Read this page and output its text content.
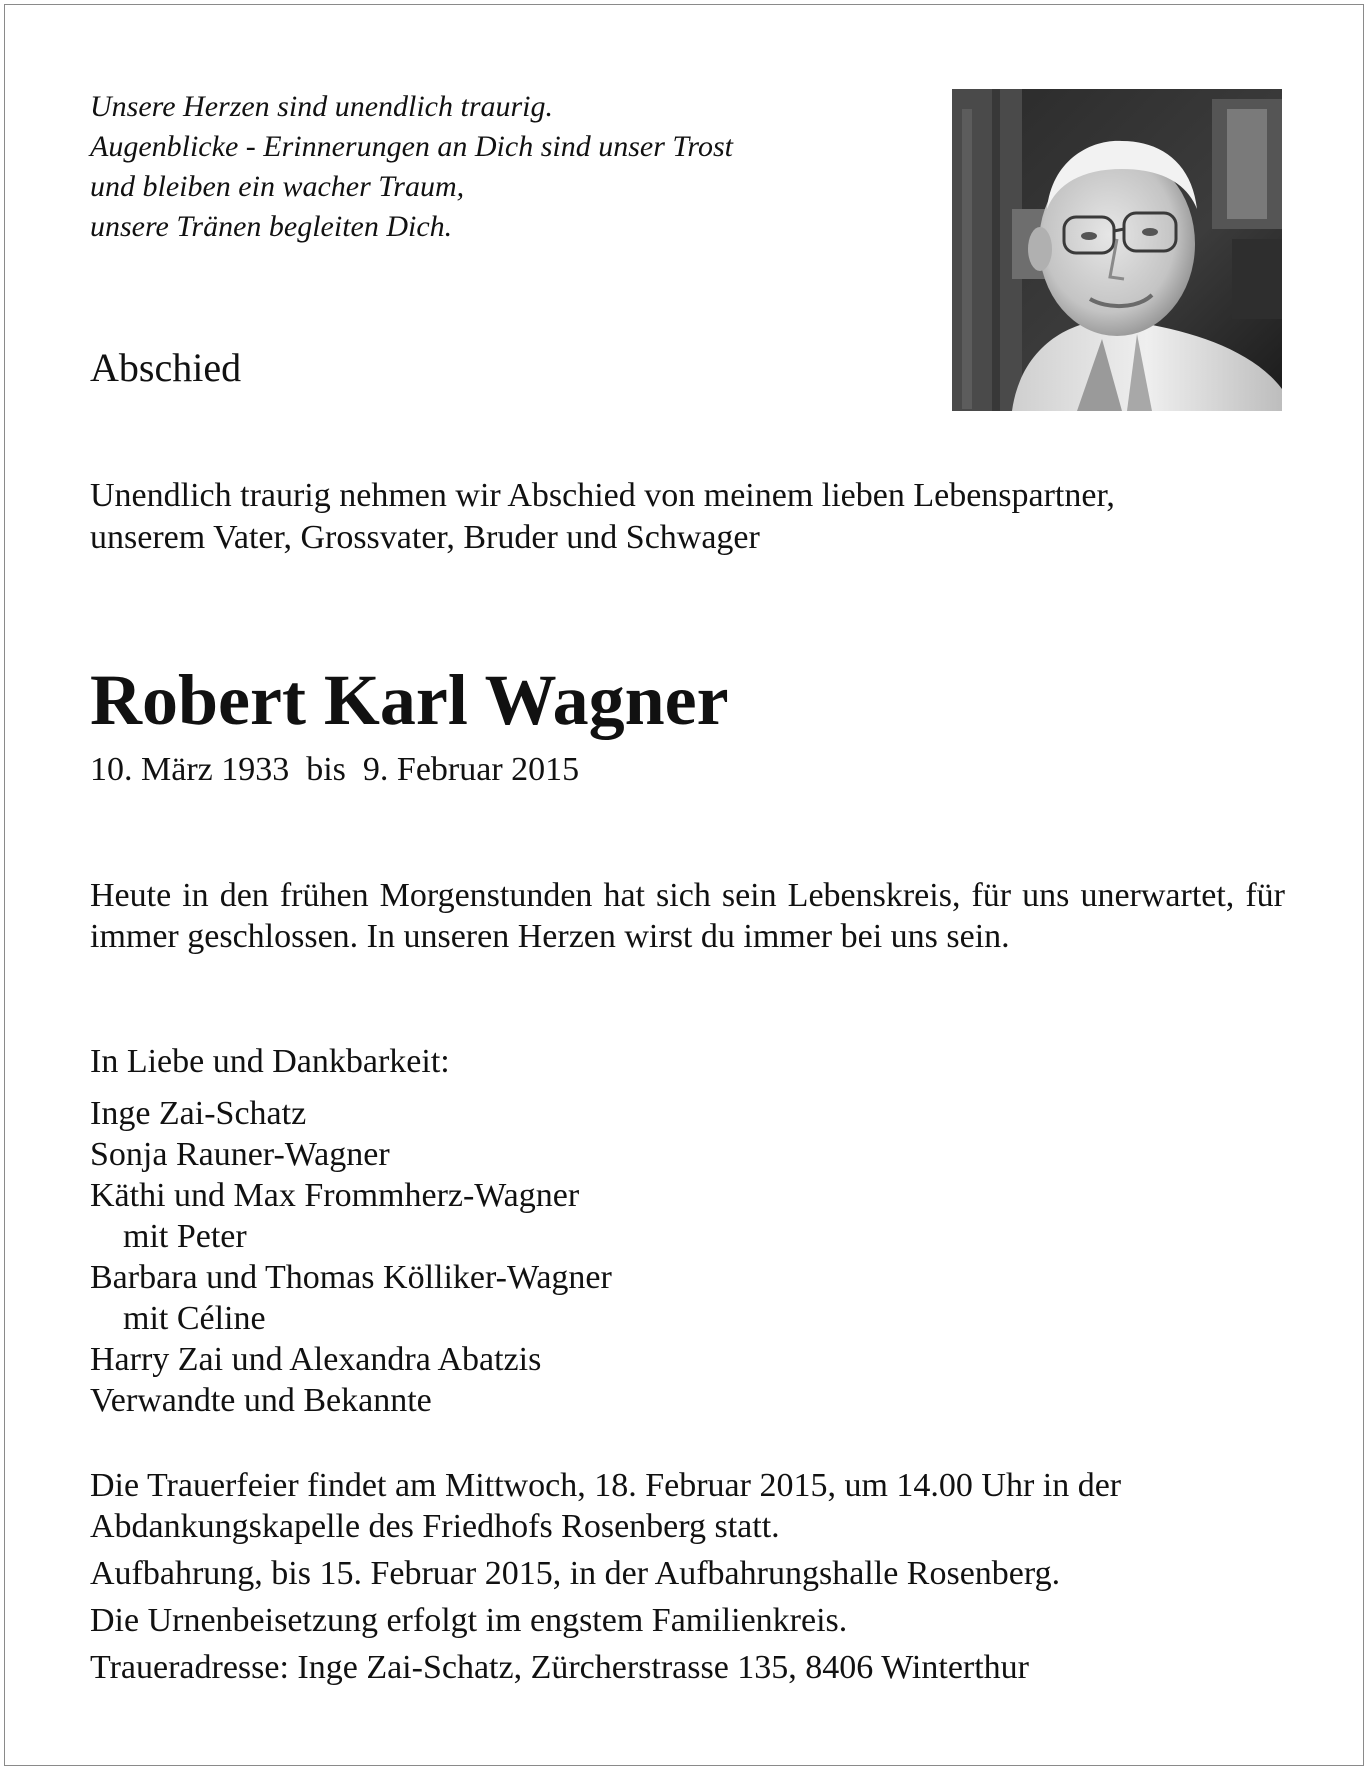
Unsere Herzen sind unendlich traurig.
Augenblicke - Erinnerungen an Dich sind unser Trost
und bleiben ein wacher Traum,
unsere Tränen begleiten Dich.
Abschied
Unendlich traurig nehmen wir Abschied von meinem lieben Lebenspartner,
unserem Vater, Grossvater, Bruder und Schwager
Robert Karl Wagner
10. März 1933  bis  9. Februar 2015
Heute in den frühen Morgenstunden hat sich sein Lebenskreis, für uns unerwartet, für immer geschlossen. In unseren Herzen wirst du immer bei uns sein.
In Liebe und Dankbarkeit:
Inge Zai-Schatz
Sonja Rauner-Wagner
Käthi und Max Frommherz-Wagner
mit Peter
Barbara und Thomas Kölliker-Wagner
mit Céline
Harry Zai und Alexandra Abatzis
Verwandte und Bekannte
Die Trauerfeier findet am Mittwoch, 18. Februar 2015, um 14.00 Uhr in der
Abdankungskapelle des Friedhofs Rosenberg statt.
Aufbahrung, bis 15. Februar 2015, in der Aufbahrungshalle Rosenberg.
Die Urnenbeisetzung erfolgt im engstem Familienkreis.
Traueradresse: Inge Zai-Schatz, Zürcherstrasse 135, 8406 Winterthur
